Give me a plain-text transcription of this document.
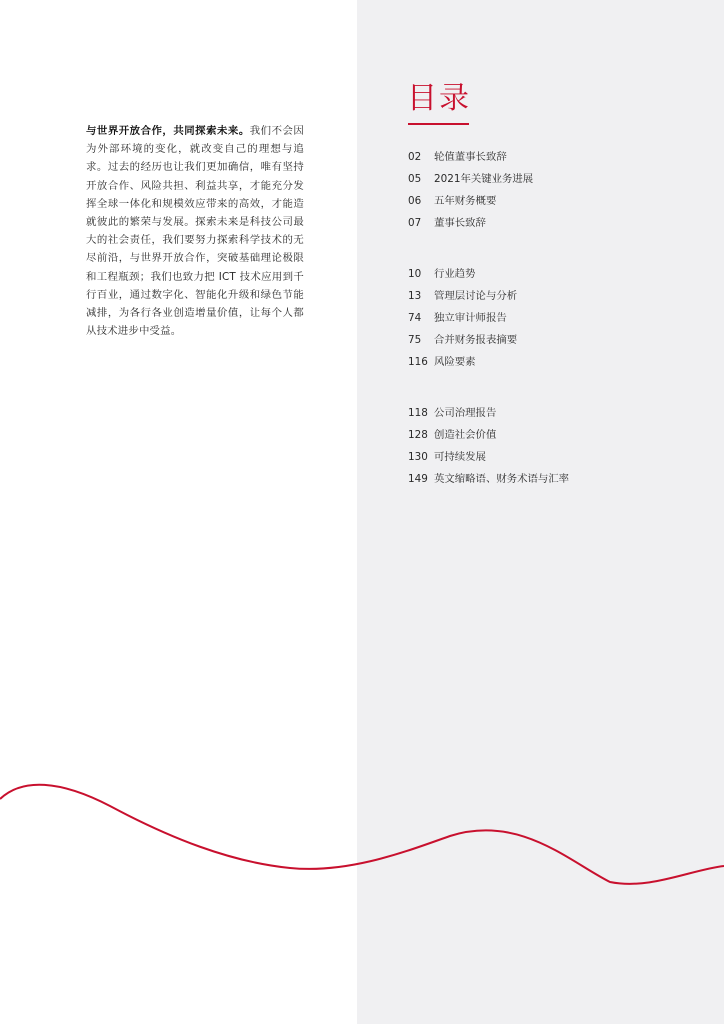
与世界开放合作，共同探索未来。我们不会因为外部环境的变化，就改变自己的理想与追求。过去的经历也让我们更加确信，唯有坚持开放合作、风险共担、利益共享，才能充分发挥全球一体化和规模效应带来的高效，才能造就彼此的繁荣与发展。探索未来是科技公司最大的社会责任，我们要努力探索科学技术的无尽前沿，与世界开放合作，突破基础理论极限和工程瓶颈；我们也致力把 ICT 技术应用到千行百业，通过数字化、智能化升级和绿色节能减排，为各行各业创造增量价值，让每个人都从技术进步中受益。
目录
02	轮值董事长致辞
05	2021年关键业务进展
06	五年财务概要
07	董事长致辞
10	行业趋势
13	管理层讨论与分析
74	独立审计师报告
75	合并财务报表摘要
116 风险要素
118 公司治理报告
128 创造社会价值
130 可持续发展
149 英文缩略语、财务术语与汇率
